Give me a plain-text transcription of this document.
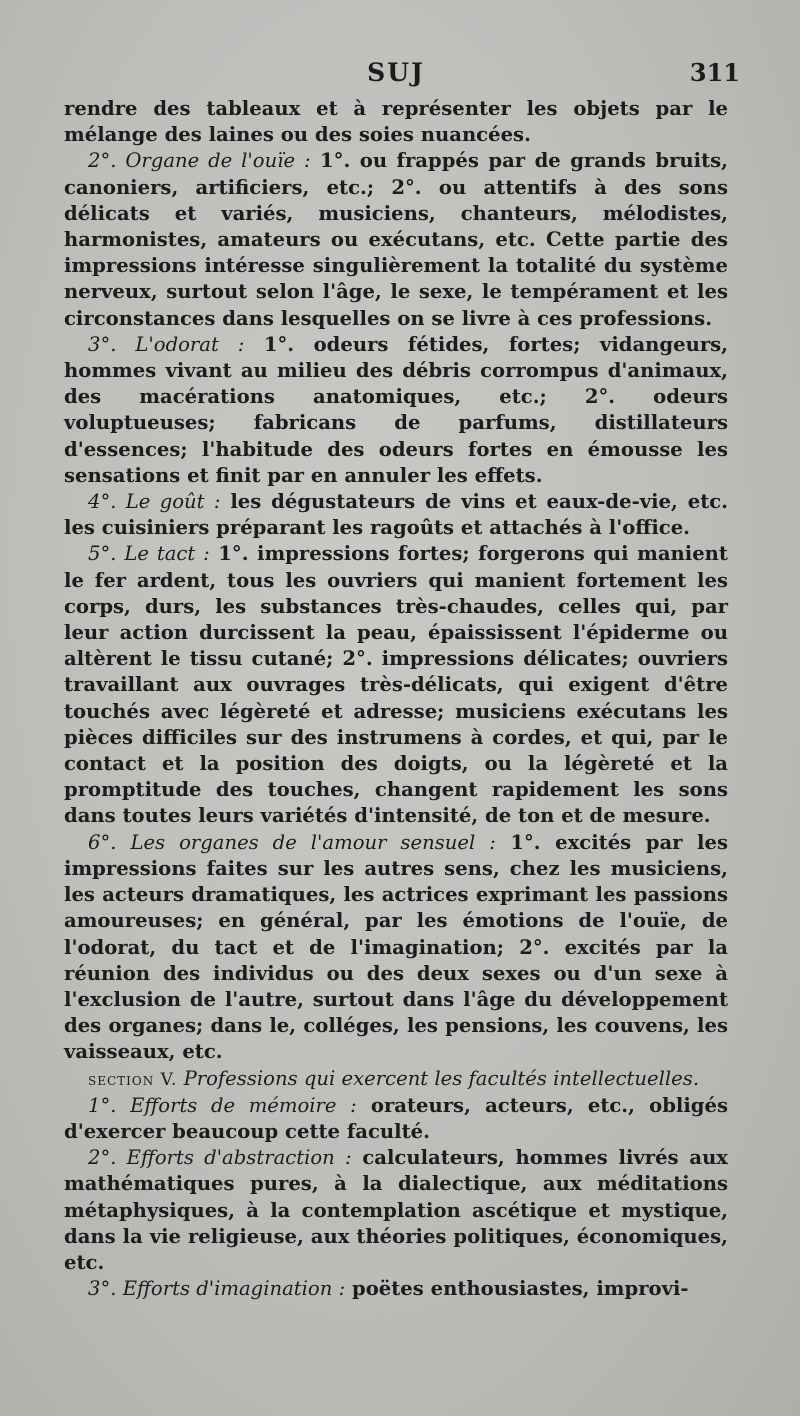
SUJ	311

rendre des tableaux et à représenter les objets par le mélange des laines ou des soies nuancées.

2°. Organe de l'ouïe : 1°. ou frappés par de grands bruits, canoniers, artificiers, etc.; 2°. ou attentifs à des sons délicats et variés, musiciens, chanteurs, mélodistes, harmonistes, amateurs ou exécutans, etc. Cette partie des impressions intéresse singulièrement la totalité du système nerveux, surtout selon l'âge, le sexe, le tempérament et les circonstances dans lesquelles on se livre à ces professions.

3°. L'odorat : 1°. odeurs fétides, fortes; vidangeurs, hommes vivant au milieu des débris corrompus d'animaux, des macérations anatomiques, etc.; 2°. odeurs voluptueuses; fabricans de parfums, distillateurs d'essences; l'habitude des odeurs fortes en émousse les sensations et finit par en annuler les effets.

4°. Le goût : les dégustateurs de vins et eaux-de-vie, etc. les cuisiniers préparant les ragoûts et attachés à l'office.

5°. Le tact : 1°. impressions fortes; forgerons qui manient le fer ardent, tous les ouvriers qui manient fortement les corps, durs, les substances très-chaudes, celles qui, par leur action durcissent la peau, épaississent l'épiderme ou altèrent le tissu cutané; 2°. impressions délicates; ouvriers travaillant aux ouvrages très-délicats, qui exigent d'être touchés avec légèreté et adresse; musiciens exécutans les pièces difficiles sur des instrumens à cordes, et qui, par le contact et la position des doigts, ou la légèreté et la promptitude des touches, changent rapidement les sons dans toutes leurs variétés d'intensité, de ton et de mesure.

6°. Les organes de l'amour sensuel : 1°. excités par les impressions faites sur les autres sens, chez les musiciens, les acteurs dramatiques, les actrices exprimant les passions amoureuses; en général, par les émotions de l'ouïe, de l'odorat, du tact et de l'imagination; 2°. excités par la réunion des individus ou des deux sexes ou d'un sexe à l'exclusion de l'autre, surtout dans l'âge du développement des organes; dans le, colléges, les pensions, les couvens, les vaisseaux, etc.

section V. Professions qui exercent les facultés intellectuelles.

1°. Efforts de mémoire : orateurs, acteurs, etc., obligés d'exercer beaucoup cette faculté.

2°. Efforts d'abstraction : calculateurs, hommes livrés aux mathématiques pures, à la dialectique, aux méditations métaphysiques, à la contemplation ascétique et mystique, dans la vie religieuse, aux théories politiques, économiques, etc.

3°. Efforts d'imagination : poëtes enthousiastes, improvi-
